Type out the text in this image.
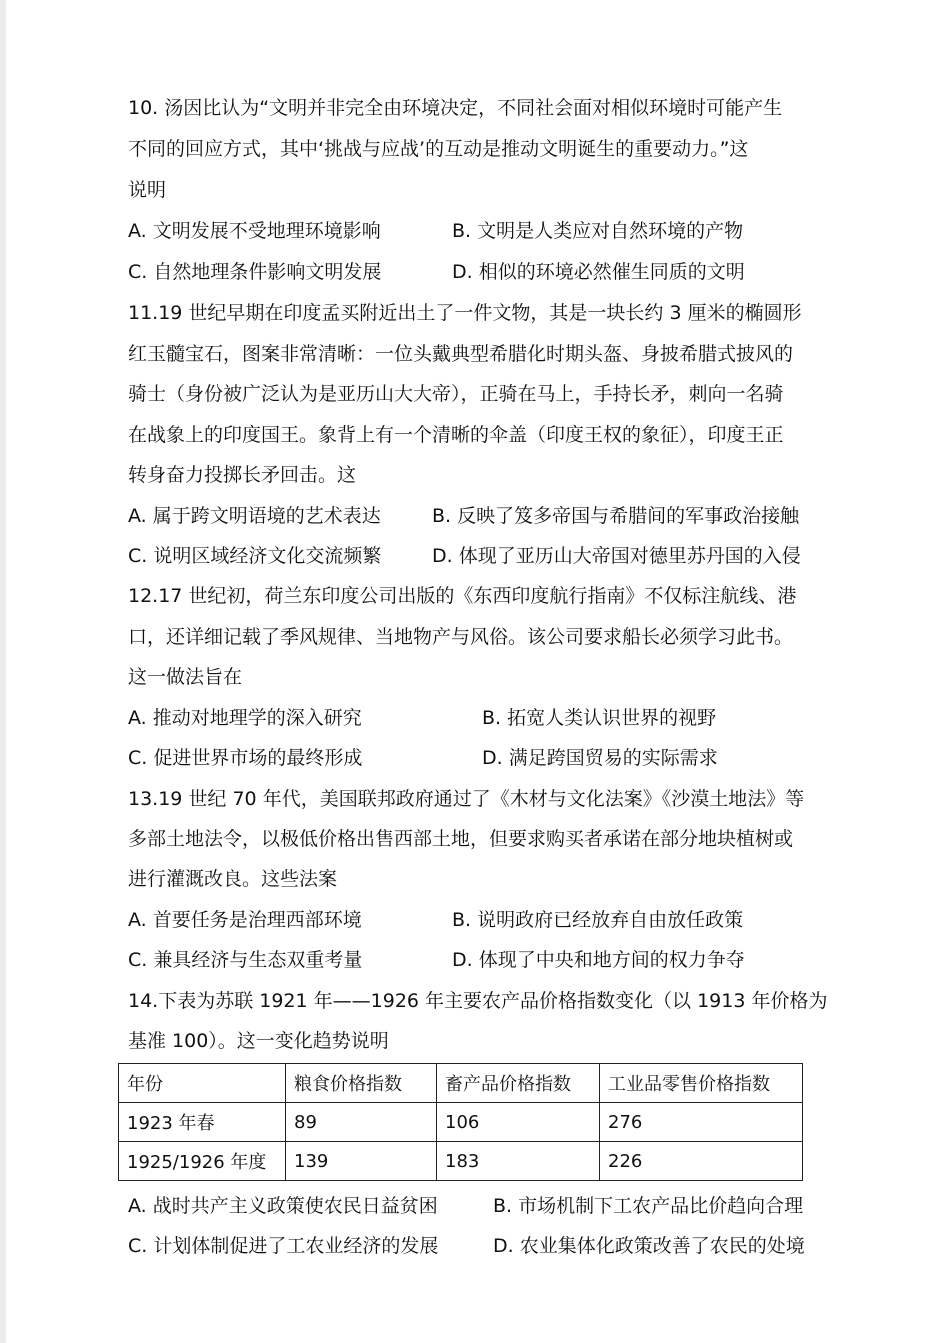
10. 汤因比认为“文明并非完全由环境决定，不同社会面对相似环境时可能产生
不同的回应方式，其中‘挑战与应战’的互动是推动文明诞生的重要动力。”这
说明
A. 文明发展不受地理环境影响	B. 文明是人类应对自然环境的产物
C. 自然地理条件影响文明发展	D. 相似的环境必然催生同质的文明
11.19 世纪早期在印度孟买附近出土了一件文物，其是一块长约 3 厘米的椭圆形
红玉髓宝石，图案非常清晰：一位头戴典型希腊化时期头盔、身披希腊式披风的
骑士（身份被广泛认为是亚历山大大帝），正骑在马上，手持长矛，刺向一名骑
在战象上的印度国王。象背上有一个清晰的伞盖（印度王权的象征），印度王正
转身奋力投掷长矛回击。这
A. 属于跨文明语境的艺术表达	B. 反映了笈多帝国与希腊间的军事政治接触
C. 说明区域经济文化交流频繁	D. 体现了亚历山大帝国对德里苏丹国的入侵
12.17 世纪初，荷兰东印度公司出版的《东西印度航行指南》不仅标注航线、港
口，还详细记载了季风规律、当地物产与风俗。该公司要求船长必须学习此书。
这一做法旨在
A. 推动对地理学的深入研究	B. 拓宽人类认识世界的视野
C. 促进世界市场的最终形成	D. 满足跨国贸易的实际需求
13.19 世纪 70 年代，美国联邦政府通过了《木材与文化法案》《沙漠土地法》等
多部土地法令，以极低价格出售西部土地，但要求购买者承诺在部分地块植树或
进行灌溉改良。这些法案
A. 首要任务是治理西部环境	B. 说明政府已经放弃自由放任政策
C. 兼具经济与生态双重考量	D. 体现了中央和地方间的权力争夺
14.下表为苏联 1921 年——1926 年主要农产品价格指数变化（以 1913 年价格为
基准 100）。这一变化趋势说明
年份	粮食价格指数	畜产品价格指数	工业品零售价格指数
1923 年春	89	106	276
1925/1926 年度	139	183	226
A. 战时共产主义政策使农民日益贫困	B. 市场机制下工农产品比价趋向合理
C. 计划体制促进了工农业经济的发展	D. 农业集体化政策改善了农民的处境
